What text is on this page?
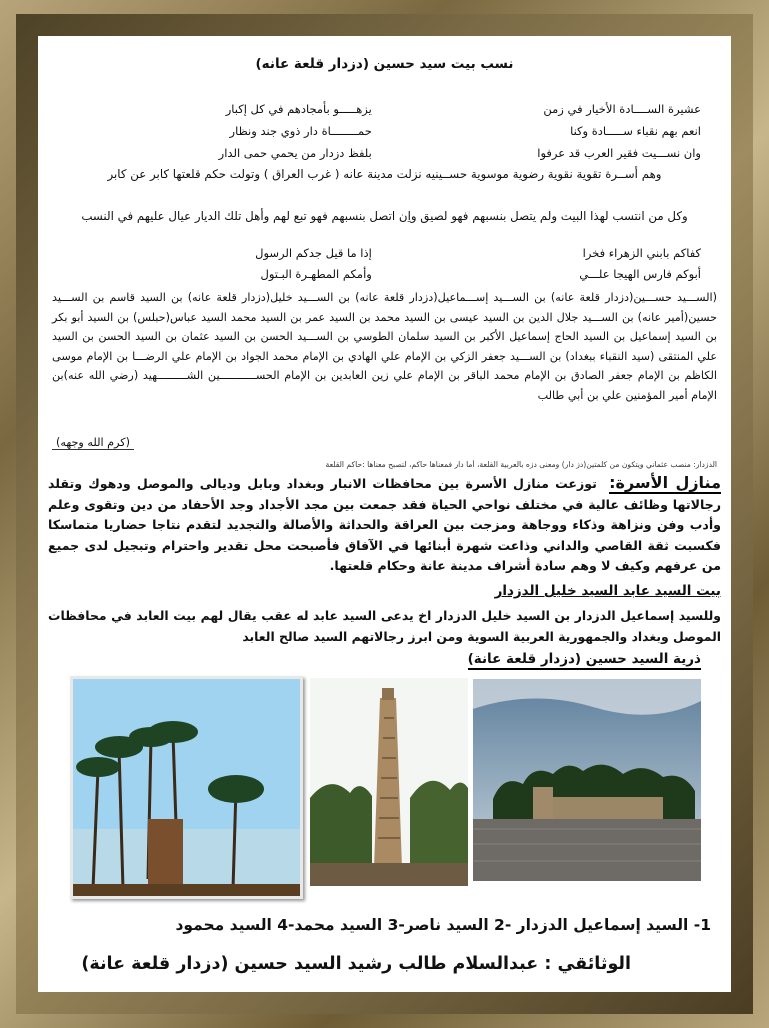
نسب بيت سيد حسين (دزدار قلعة عانه)
عشيرة الســــادة الأخيار في زمن
يزهـــــو بأمجادهم في كل إكبار
انعم بهم نقباء ســـــادة وكنا
حمــــــــاة دار ذوي جند ونظار
وان نســـيت فقير العرب قد عرفوا
بلفظ دزدار من يحمي حمى الدار
وهم أســرة تقوية نقوية رضوية موسوية حســينيه نزلت مدينة عانه ( غرب العراق ) وتولت حكم قلعتها كابر عن كابر
وكل من انتسب لهذا البيت ولم يتصل بنسبهم فهو لصيق واِن اتصل بنسبهم فهو تبع لهم وأهل تلك الديار عيال عليهم في النسب
كفاكم بابني الزهراء فخرا
إذا ما قيل جدكم الرسول
أبوكم فارس الهيجا علـــي
وأمكم المطهـرة البـتول
(الســـيد حســـين(دزدار قلعة عانه) بن الســـيد إســـماعيل(دزدار قلعة عانه) بن الســـيد خليل(دزدار قلعة عانه) بن السيد قاسم بن الســـيد حسين(أمير عانه) بن الســـيد جلال الدين بن السيد عيسى بن السيد محمد بن السيد عمر بن السيد محمد السيد عباس(حبلس) بن السيد أبو بكر بن السيد إسماعيل بن السيد الحاج إسماعيل الأكبر بن السيد سلمان الطوسي بن الســـيد الحسن بن السيد عثمان بن السيد الحسن بن السيد علي المنتقى (سيد النقباء ببغداد) بن الســـيد جعفر الزكي بن الإمام علي الهادي بن الإمام محمد الجواد بن الإمام علي الرضـــا بن الإمام موسى الكاظم بن الإمام جعفر الصادق بن الإمام محمد الباقر بن الإمام علي زين العابدين بن الإمام الحســـــــــــين الشـــــــــهيد (رضي الله عنه)بن الإمام أمير المؤمنين علي بن أبي طالب
(كرم الله وجهه)
الدزدار: منصب عثماني ويتكون من كلمتين(دز دار) ومعنى دزه بالعربية القلعة، أما دار فمعناها حاكم، لتصبح معناها :حاكم القلعة
منازل الأسرة: توزعت منازل الأسرة بين محافظات الانبار وبغداد وبابل وديالى والموصل ودهوك وتقلد رجالاتها وظائف عالية في مختلف نواحي الحياة فقد جمعت بين مجد الأجداد وجد الأحفاد من دين وتقوى وعلم وأدب وفن ونزاهة وذكاء ووجاهة ومزجت بين العراقة والحداثة والأصالة والتجديد لتقدم نتاجا حضاريا متماسكا فكسبت ثقة القاصي والداني وذاعت شهرة أبنائها في الآفاق فأصبحت محل تقدير واحترام وتبجيل لدى جميع من عرفهم وكيف لا وهم سادة أشراف مدينة عانة وحكام قلعتها.
بيت السيد عابد السيد خليل الدزدار
وللسيد إسماعيل الدزدار بن السيد خليل الدزدار اخ يدعى السيد عابد له عقب يقال لهم بيت العابد في محافظات الموصل وبغداد والجمهورية العربية السوية ومن ابرز رجالاتهم السيد صالح العابد
ذرية السيد حسين (دزدار قلعة عانة)
1- السيد إسماعيل الدزدار -2 السيد ناصر-3 السيد محمد-4 السيد محمود
الوثائقي : عبدالسلام طالب رشيد السيد حسين (دزدار قلعة عانة)
